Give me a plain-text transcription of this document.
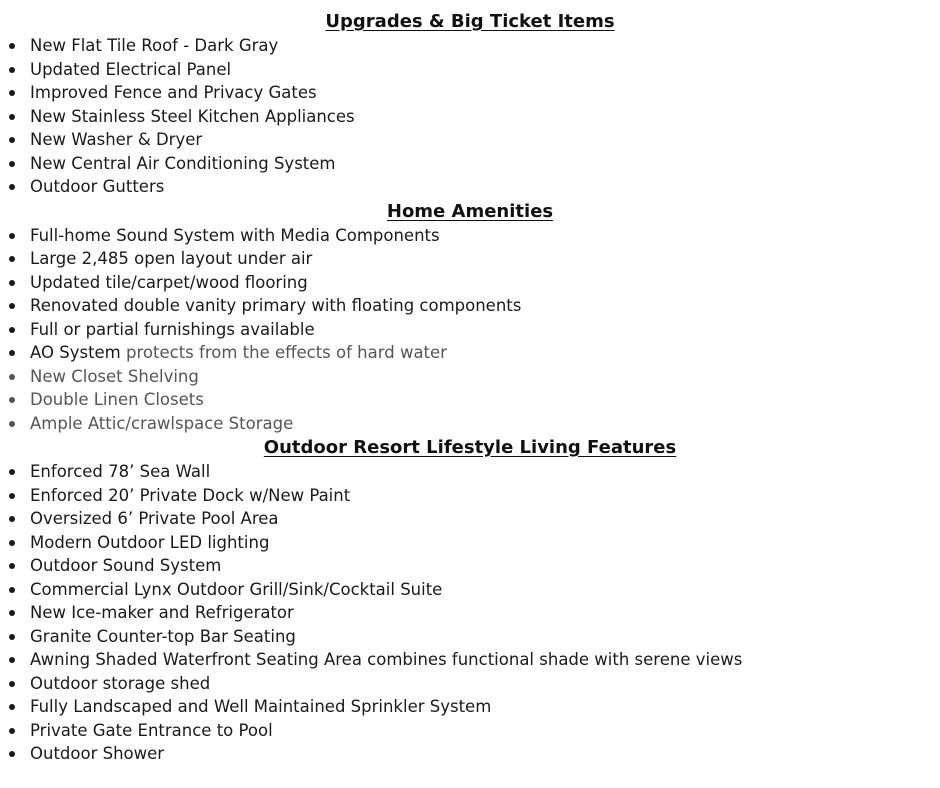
Upgrades & Big Ticket Items
New Flat Tile Roof - Dark Gray
Updated Electrical Panel
Improved Fence and Privacy Gates
New Stainless Steel Kitchen Appliances
New Washer & Dryer
New Central Air Conditioning System
Outdoor Gutters
Home Amenities
Full-home Sound System with Media Components
Large 2,485 open layout under air
Updated tile/carpet/wood flooring
Renovated double vanity primary with floating components
Full or partial furnishings available
AO System protects from the effects of hard water
New Closet Shelving
Double Linen Closets
Ample Attic/crawlspace Storage
Outdoor Resort Lifestyle Living Features
Enforced 78’ Sea Wall
Enforced 20’ Private Dock w/New Paint
Oversized 6’ Private Pool Area
Modern Outdoor LED lighting
Outdoor Sound System
Commercial Lynx Outdoor Grill/Sink/Cocktail Suite
New Ice-maker and Refrigerator
Granite Counter-top Bar Seating
Awning Shaded Waterfront Seating Area combines functional shade with serene views
Outdoor storage shed
Fully Landscaped and Well Maintained Sprinkler System
Private Gate Entrance to Pool
Outdoor Shower
